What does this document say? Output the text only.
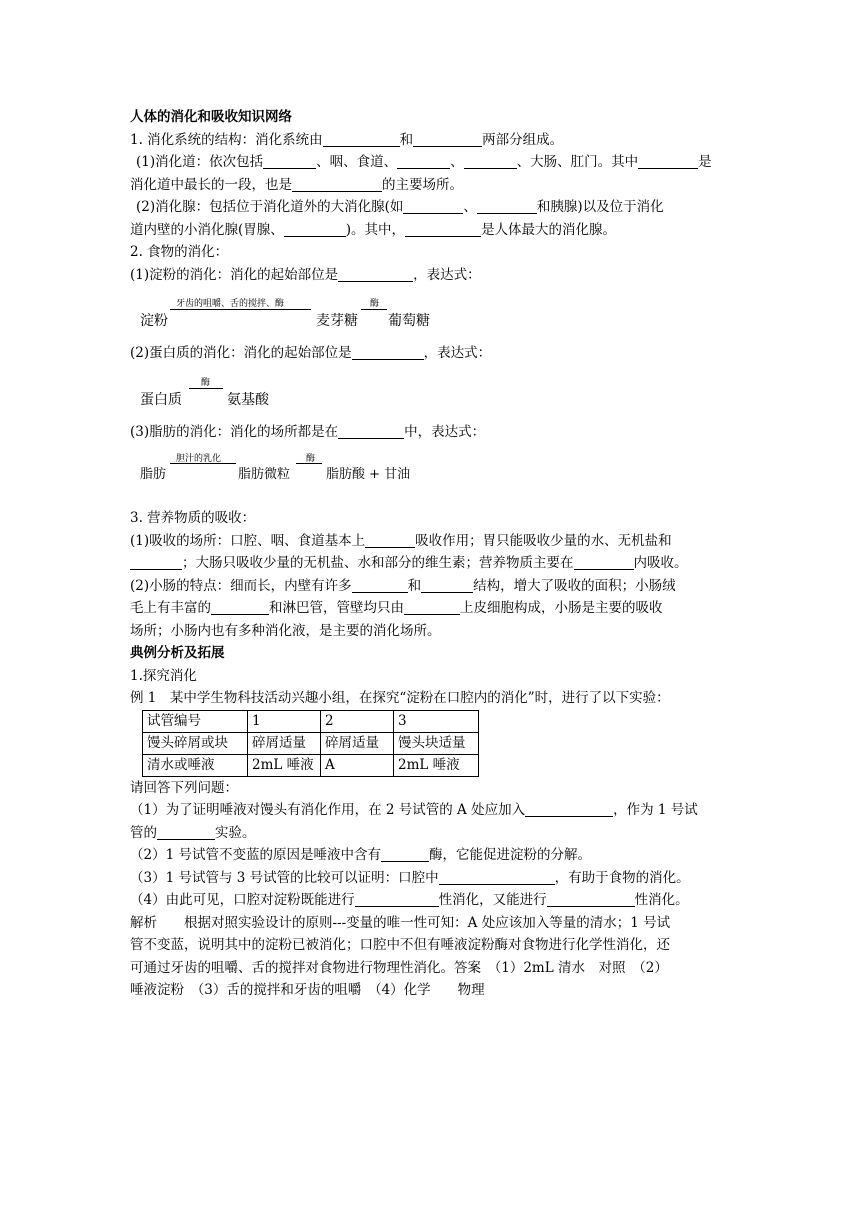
人体的消化和吸收知识网络

1. 消化系统的结构：消化系统由	和	两部分组成。

(1)消化道：依次包括	、咽、食道、	、	、大肠、肛门。其中	是

消化道中最长的一段，也是	的主要场所。

(2)消化腺：包括位于消化道外的大消化腺(如	、	和胰腺)以及位于消化

道内壁的小消化腺(胃腺、	)。其中，	是人体最大的消化腺。

2. 食物的消化：

(1)淀粉的消化：消化的起始部位是	，表达式：

淀粉
牙齿的咀嚼、舌的搅拌、酶
麦芽糖
酶
葡萄糖

(2)蛋白质的消化：消化的起始部位是	，表达式：

蛋白质
酶
氨基酸

(3)脂肪的消化：消化的场所都是在	中，表达式：

脂肪
胆汁的乳化
脂肪微粒
酶
脂肪酸 + 甘油

3. 营养物质的吸收：

(1)吸收的场所：口腔、咽、食道基本上	吸收作用；胃只能吸收少量的水、无机盐和

；大肠只吸收少量的无机盐、水和部分的维生素；营养物质主要在	内吸收。

(2)小肠的特点：细而长，内壁有许多	和	结构，增大了吸收的面积；小肠绒

毛上有丰富的	和淋巴管，管壁均只由	上皮细胞构成，小肠是主要的吸收

场所；小肠内也有多种消化液，是主要的消化场所。

典例分析及拓展

1.探究消化

例 1　某中学生物科技活动兴趣小组，在探究“淀粉在口腔内的消化”时，进行了以下实验：

试管编号	1	2	3
馒头碎屑或块	碎屑适量	碎屑适量	馒头块适量
清水或唾液	2mL 唾液	A	2mL 唾液

请回答下列问题：

（1）为了证明唾液对馒头有消化作用，在 2 号试管的 A 处应加入	，作为 1 号试

管的	实验。

（2）1 号试管不变蓝的原因是唾液中含有	酶，它能促进淀粉的分解。

（3）1 号试管与 3 号试管的比较可以证明：口腔中	，有助于食物的消化。

（4）由此可见，口腔对淀粉既能进行	性消化，又能进行	性消化。

解析　　根据对照实验设计的原则---变量的唯一性可知：A 处应该加入等量的清水；1 号试

管不变蓝，说明其中的淀粉已被消化；口腔中不但有唾液淀粉酶对食物进行化学性消化，还

可通过牙齿的咀嚼、舌的搅拌对食物进行物理性消化。答案　（1）2mL 清水　对照　（2）

唾液淀粉　（3）舌的搅拌和牙齿的咀嚼　（4）化学　　物理
